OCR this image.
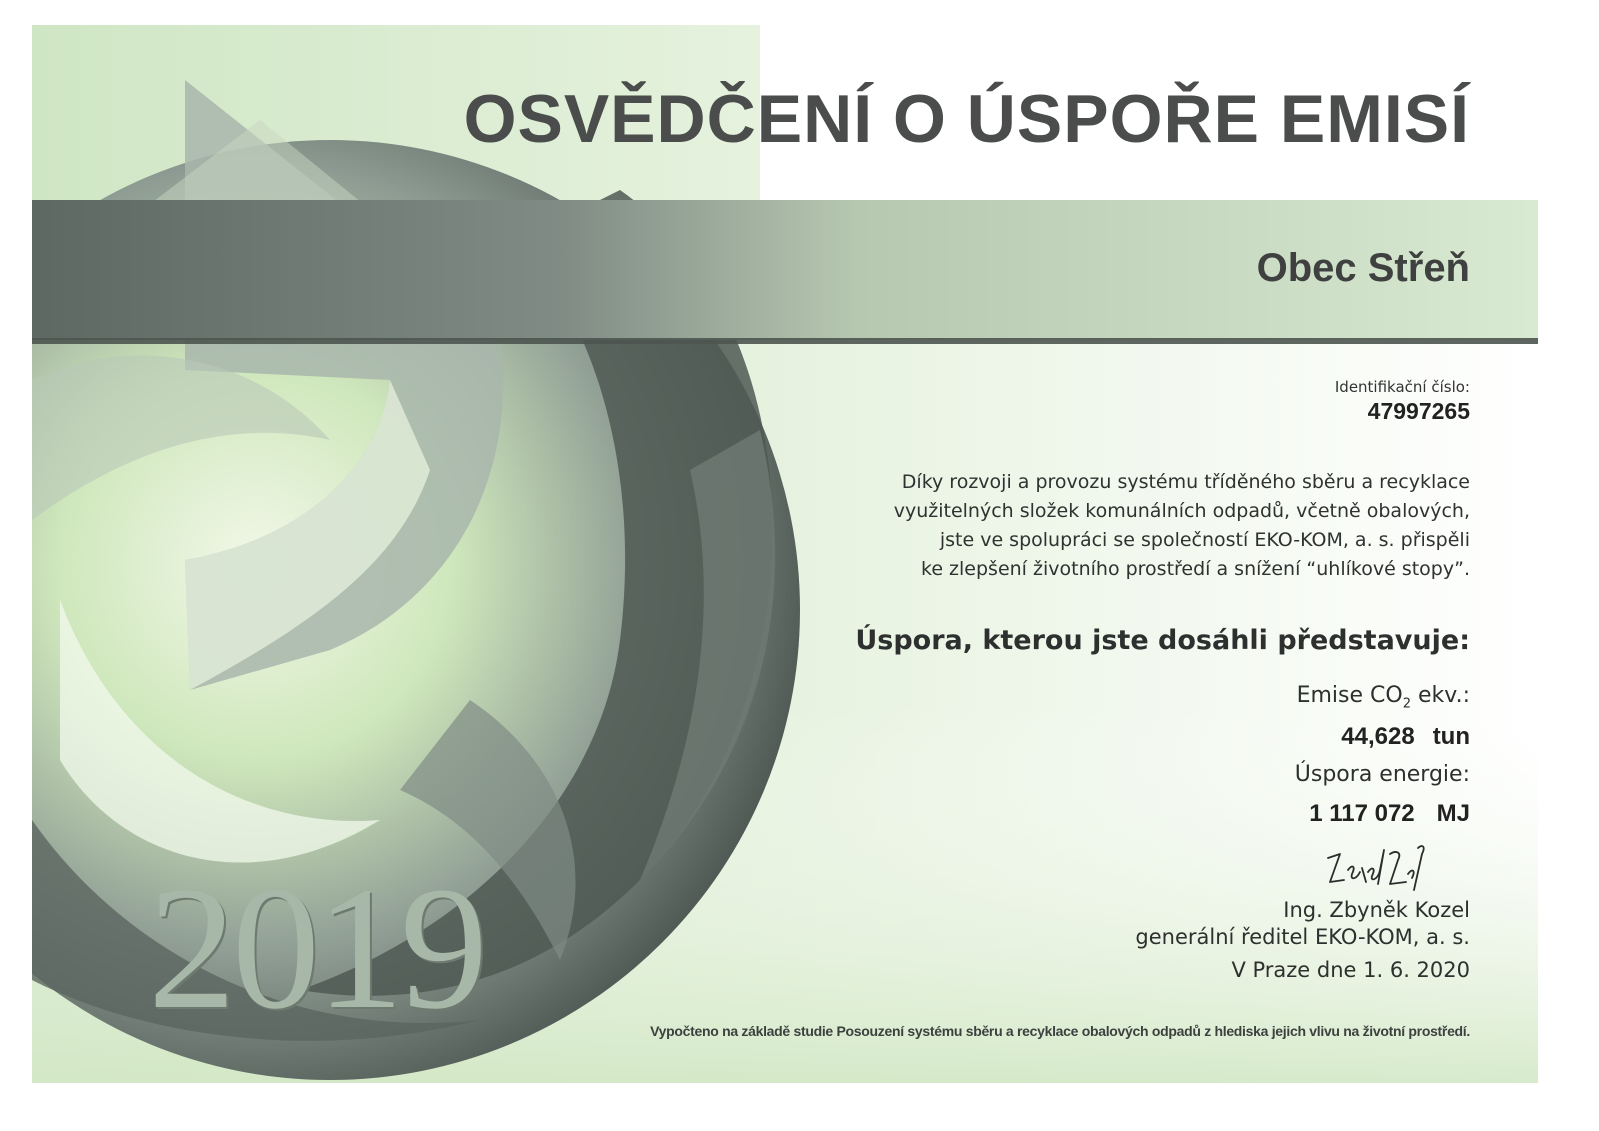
2019
OSVĚDČENÍ O ÚSPOŘE EMISÍ
Obec Střeň
Identifikační číslo:
47997265
Díky rozvoji a provozu systému tříděného sběru a recyklace
využitelných složek komunálních odpadů, včetně obalových,
jste ve spolupráci se společností EKO-KOM, a. s. přispěli
ke zlepšení životního prostředí a snížení “uhlíkové stopy”.
Úspora, kterou jste dosáhli představuje:
Emise $CO_2$ ekv.:
44,628 tun
Úspora energie:
1 117 072 MJ
Ing. Zbyněk Kozel
generální ředitel EKO-KOM, a. s.
V Praze dne 1. 6. 2020
Vypočteno na základě studie Posouzení systému sběru a recyklace obalových odpadů z hlediska jejich vlivu na životní prostředí.
